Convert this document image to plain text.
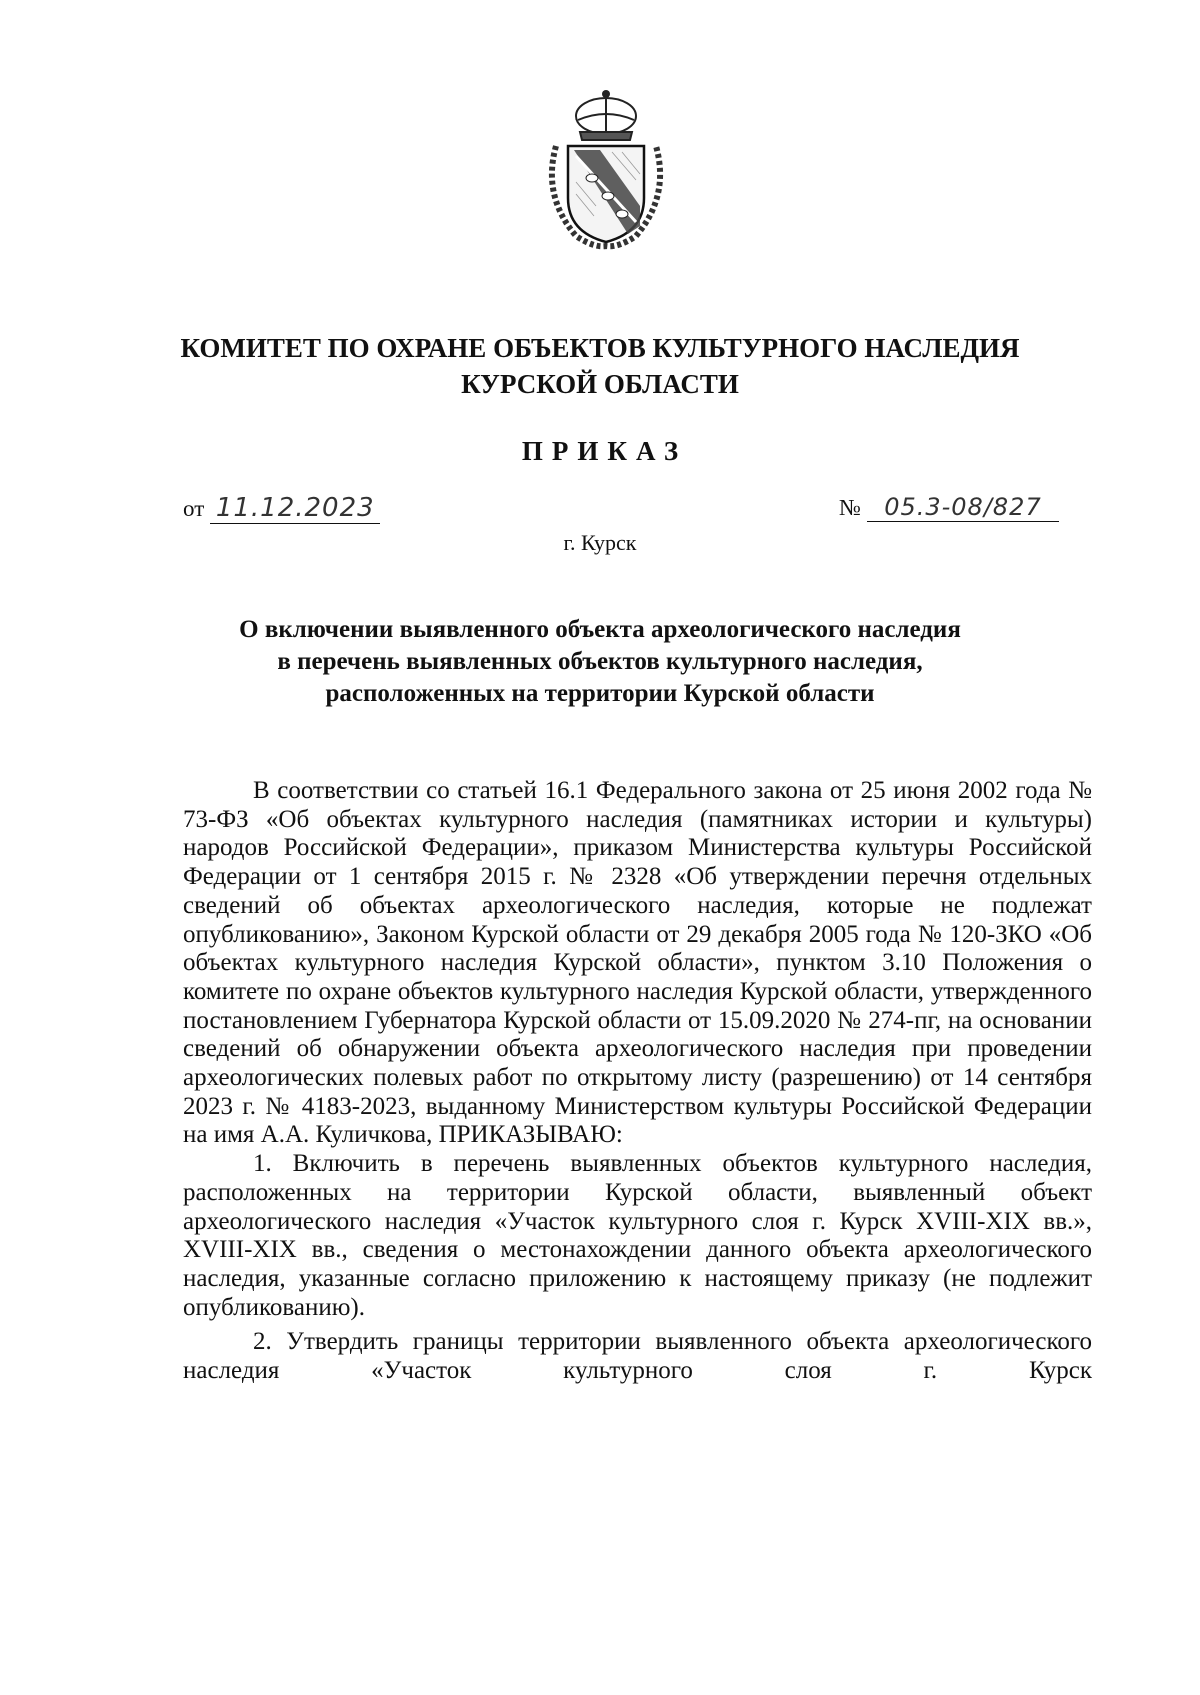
КОМИТЕТ ПО ОХРАНЕ ОБЪЕКТОВ КУЛЬТУРНОГО НАСЛЕДИЯ
КУРСКОЙ ОБЛАСТИ
ПРИКАЗ
от 11.12.2023	№ 05.3-08/827
г. Курск
О включении выявленного объекта археологического наследия
в перечень выявленных объектов культурного наследия,
расположенных на территории Курской области

В соответствии со статьей 16.1 Федерального закона от 25 июня 2002 года № 73-ФЗ «Об объектах культурного наследия (памятниках истории и культуры) народов Российской Федерации», приказом Министерства культуры Российской Федерации от 1 сентября 2015 г. № 2328 «Об утверждении перечня отдельных сведений об объектах археологического наследия, которые не подлежат опубликованию», Законом Курской области от 29 декабря 2005 года № 120-ЗКО «Об объектах культурного наследия Курской области», пунктом 3.10 Положения о комитете по охране объектов культурного наследия Курской области, утвержденного постановлением Губернатора Курской области от 15.09.2020 № 274-пг, на основании сведений об обнаружении объекта археологического наследия при проведении археологических полевых работ по открытому листу (разрешению) от 14 сентября 2023 г. № 4183-2023, выданному Министерством культуры Российской Федерации на имя А.А. Куличкова, ПРИКАЗЫВАЮ:

1. Включить в перечень выявленных объектов культурного наследия, расположенных на территории Курской области, выявленный объект археологического наследия «Участок культурного слоя г. Курск XVIII-XIX вв.», XVIII-XIX вв., сведения о местонахождении данного объекта археологического наследия, указанные согласно приложению к настоящему приказу (не подлежит опубликованию).

2. Утвердить границы территории выявленного объекта археологического наследия «Участок культурного слоя г. Курск
